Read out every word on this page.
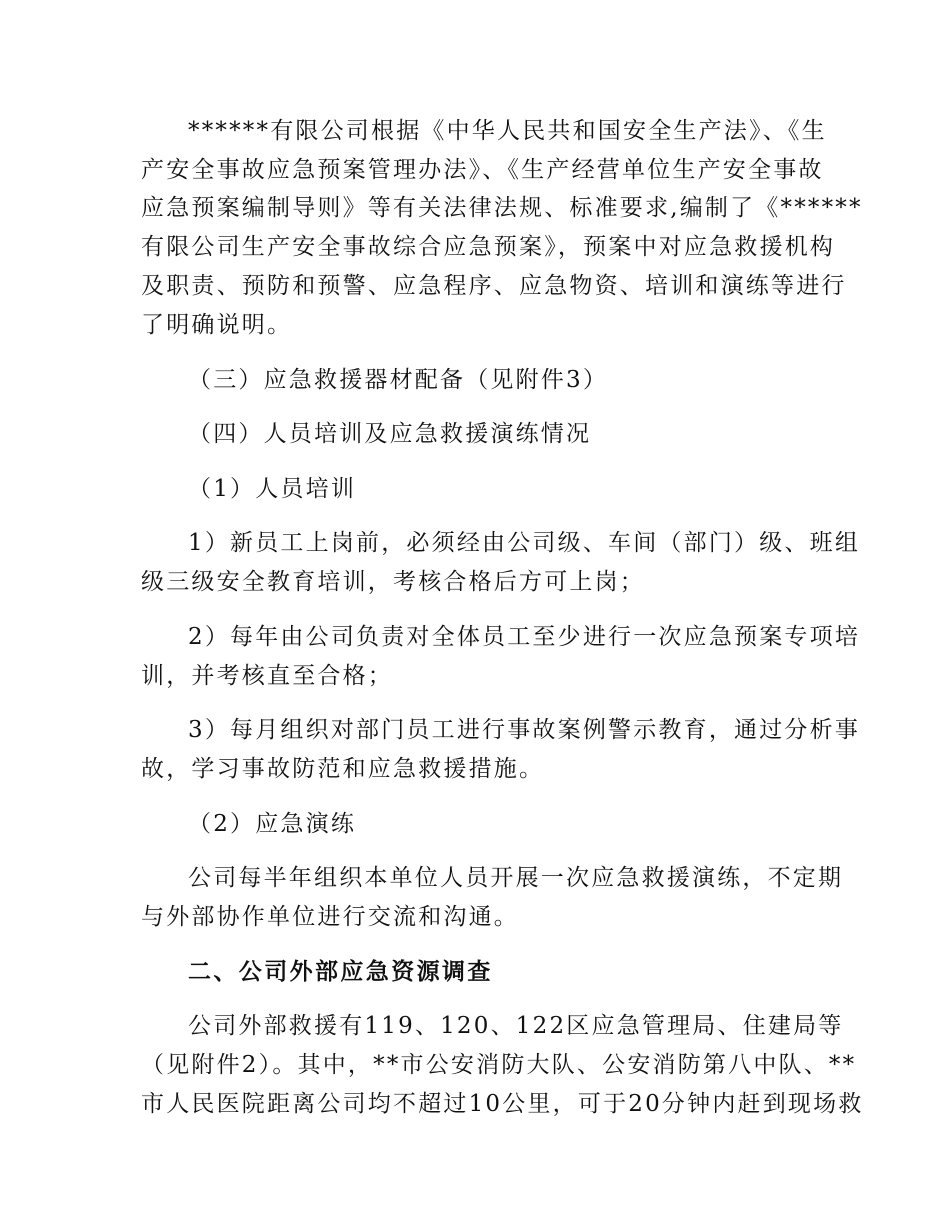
******有限公司根据《中华人民共和国安全生产法》、《生
产安全事故应急预案管理办法》、《生产经营单位生产安全事故
应急预案编制导则》等有关法律法规、标准要求,编制了《******
有限公司生产安全事故综合应急预案》，预案中对应急救援机构
及职责、预防和预警、应急程序、应急物资、培训和演练等进行
了明确说明。
（三）应急救援器材配备（见附件3）
（四）人员培训及应急救援演练情况
（1）人员培训
1）新员工上岗前，必须经由公司级、车间（部门）级、班组
级三级安全教育培训，考核合格后方可上岗；
2）每年由公司负责对全体员工至少进行一次应急预案专项培
训，并考核直至合格；
3）每月组织对部门员工进行事故案例警示教育，通过分析事
故，学习事故防范和应急救援措施。
（2）应急演练
公司每半年组织本单位人员开展一次应急救援演练，不定期
与外部协作单位进行交流和沟通。
二、公司外部应急资源调查
公司外部救援有119、120、122区应急管理局、住建局等
（见附件2）。其中，**市公安消防大队、公安消防第八中队、**
市人民医院距离公司均不超过10公里，可于20分钟内赶到现场救
